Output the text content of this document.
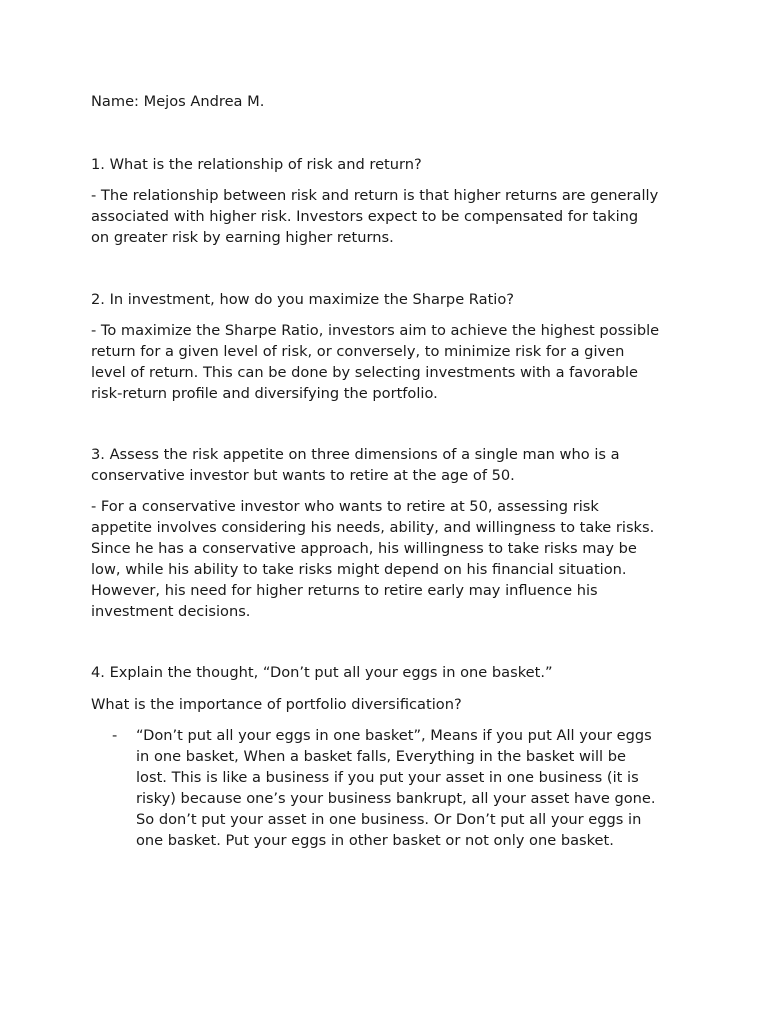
Name: Mejos Andrea M.
1. What is the relationship of risk and return?
- The relationship between risk and return is that higher returns are generally
associated with higher risk. Investors expect to be compensated for taking
on greater risk by earning higher returns.
2. In investment, how do you maximize the Sharpe Ratio?
- To maximize the Sharpe Ratio, investors aim to achieve the highest possible
return for a given level of risk, or conversely, to minimize risk for a given
level of return. This can be done by selecting investments with a favorable
risk-return profile and diversifying the portfolio.
3. Assess the risk appetite on three dimensions of a single man who is a
conservative investor but wants to retire at the age of 50.
- For a conservative investor who wants to retire at 50, assessing risk
appetite involves considering his needs, ability, and willingness to take risks.
Since he has a conservative approach, his willingness to take risks may be
low, while his ability to take risks might depend on his financial situation.
However, his need for higher returns to retire early may influence his
investment decisions.
4. Explain the thought, “Don’t put all your eggs in one basket.”
What is the importance of portfolio diversification?
- “Don’t put all your eggs in one basket”, Means if you put All your eggs
in one basket, When a basket falls, Everything in the basket will be
lost. This is like a business if you put your asset in one business (it is
risky) because one’s your business bankrupt, all your asset have gone.
So don’t put your asset in one business. Or Don’t put all your eggs in
one basket. Put your eggs in other basket or not only one basket.
